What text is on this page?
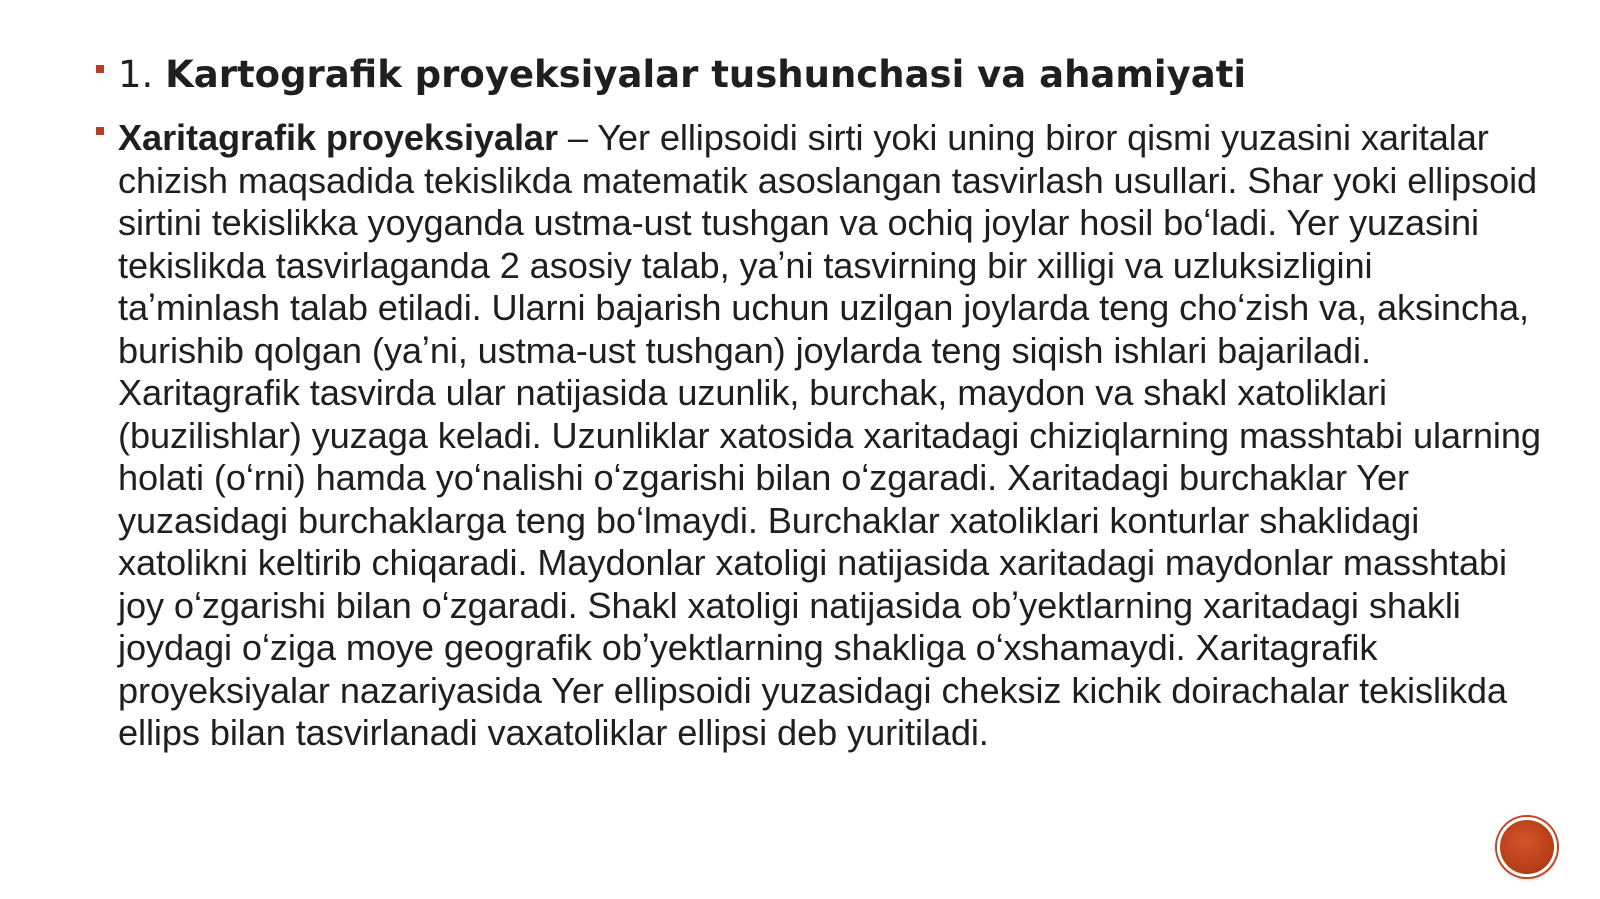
1. Kartografik proyeksiyalar tushunchasi va ahamiyati
Xaritagrafik proyeksiyalar – Yer ellipsoidi sirti yoki uning biror qismi yuzasini xaritalar chizish maqsadida tekislikda matematik asoslangan tasvirlash usullari. Shar yoki ellipsoid sirtini tekislikka yoyganda ustma-ust tushgan va ochiq joylar hosil boʻladi. Yer yuzasini tekislikda tasvirlaganda 2 asosiy talab, yaʼni tasvirning bir xilligi va uzluksizligini taʼminlash talab etiladi. Ularni bajarish uchun uzilgan joylarda teng choʻzish va, aksincha, burishib qolgan (yaʼni, ustma-ust tushgan) joylarda teng siqish ishlari bajariladi. Xaritagrafik tasvirda ular natijasida uzunlik, burchak, maydon va shakl xatoliklari (buzilishlar) yuzaga keladi. Uzunliklar xatosida xaritadagi chiziqlarning masshtabi ularning holati (oʻrni) hamda yoʻnalishi oʻzgarishi bilan oʻzgaradi. Xaritadagi burchaklar Yer yuzasidagi burchaklarga teng boʻlmaydi. Burchaklar xatoliklari konturlar shaklidagi xatolikni keltirib chiqaradi. Maydonlar xatoligi natijasida xaritadagi maydonlar masshtabi joy oʻzgarishi bilan oʻzgaradi. Shakl xatoligi natijasida obʼyektlarning xaritadagi shakli joydagi oʻziga moye geografik obʼyektlarning shakliga oʻxshamaydi. Xaritagrafik proyeksiyalar nazariyasida Yer ellipsoidi yuzasidagi cheksiz kichik doirachalar tekislikda ellips bilan tasvirlanadi vaxatoliklar ellipsi deb yuritiladi.
